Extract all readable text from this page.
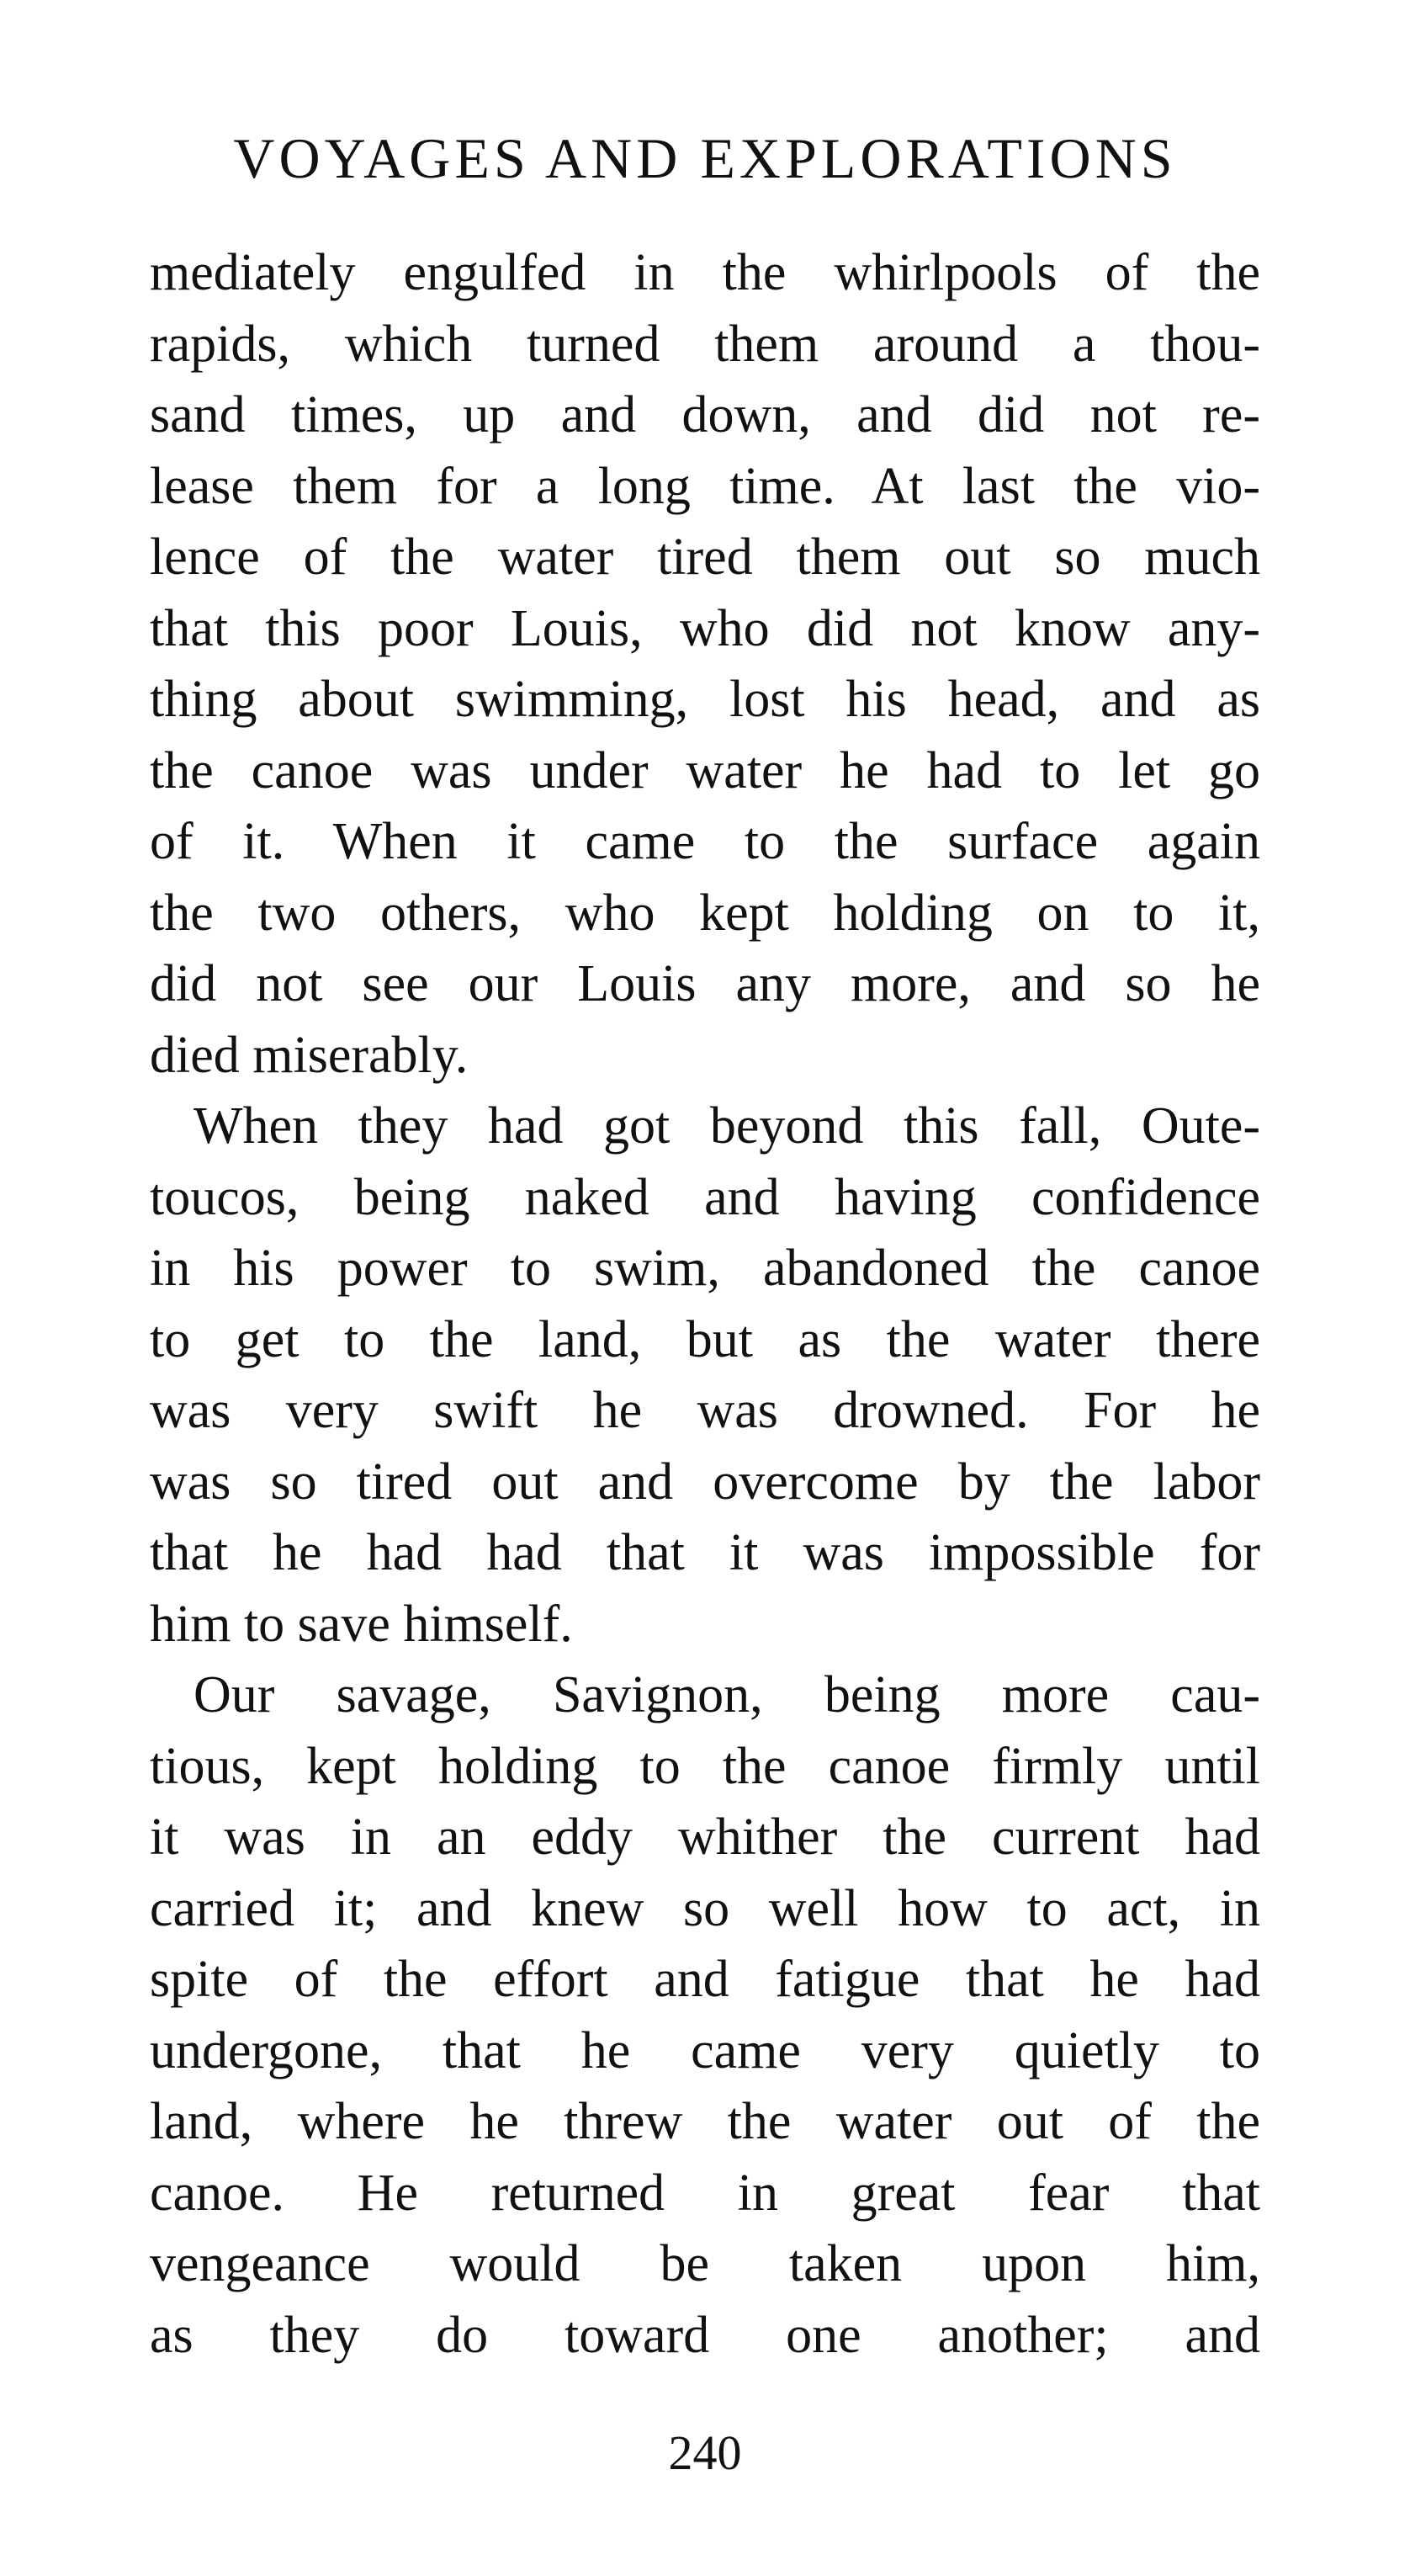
VOYAGES AND EXPLORATIONS
mediately engulfed in the whirlpools of the
rapids, which turned them around a thou-
sand times, up and down, and did not re-
lease them for a long time. At last the vio-
lence of the water tired them out so much
that this poor Louis, who did not know any-
thing about swimming, lost his head, and as
the canoe was under water he had to let go
of it. When it came to the surface again
the two others, who kept holding on to it,
did not see our Louis any more, and so he
died miserably.
When they had got beyond this fall, Oute-
toucos, being naked and having confidence
in his power to swim, abandoned the canoe
to get to the land, but as the water there
was very swift he was drowned. For he
was so tired out and overcome by the labor
that he had had that it was impossible for
him to save himself.
Our savage, Savignon, being more cau-
tious, kept holding to the canoe firmly until
it was in an eddy whither the current had
carried it; and knew so well how to act, in
spite of the effort and fatigue that he had
undergone, that he came very quietly to
land, where he threw the water out of the
canoe. He returned in great fear that
vengeance would be taken upon him,
as they do toward one another; and
240
